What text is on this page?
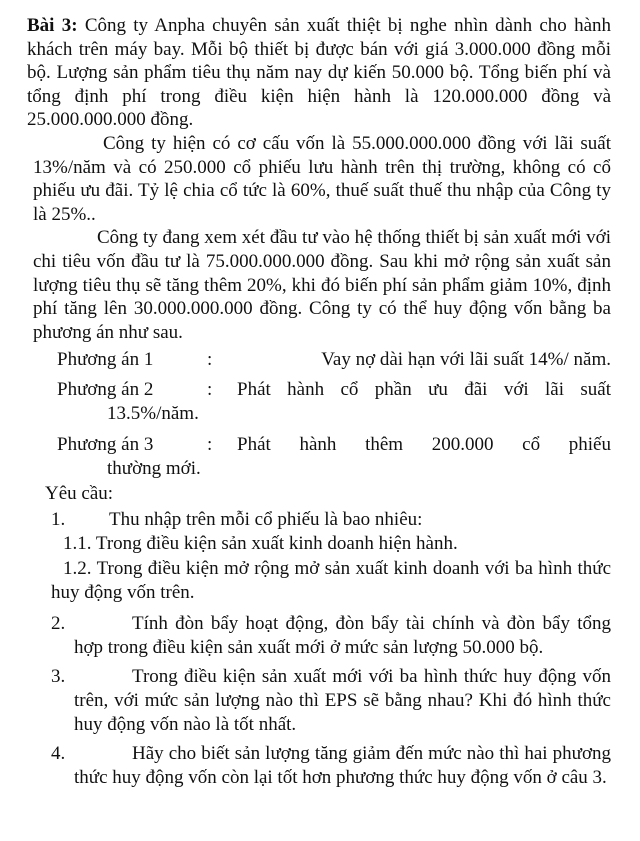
Bài 3: Công ty Anpha chuyên sản xuất thiệt bị nghe nhìn dành cho hành khách trên máy bay. Mỗi bộ thiết bị được bán với giá 3.000.000 đồng mỗi bộ. Lượng sản phẩm tiêu thụ năm nay dự kiến 50.000 bộ. Tổng biến phí và tổng định phí trong điều kiện hiện hành là 120.000.000 đồng và 25.000.000.000 đồng.

Công ty hiện có cơ cấu vốn là 55.000.000.000 đồng với lãi suất 13%/năm và có 250.000 cổ phiếu lưu hành trên thị trường, không có cổ phiếu ưu đãi. Tỷ lệ chia cổ tức là 60%, thuế suất thuế thu nhập của Công ty là 25%..

Công ty đang xem xét đầu tư vào hệ thống thiết bị sản xuất mới với chi tiêu vốn đầu tư là 75.000.000.000 đồng. Sau khi mở rộng sản xuất sản lượng tiêu thụ sẽ tăng thêm 20%, khi đó biến phí sản phẩm giảm 10%, định phí tăng lên 30.000.000.000 đồng. Công ty có thể huy động vốn bằng ba phương án như sau.

Phương án 1	:	Vay nợ dài hạn với lãi suất 14%/ năm.
Phương án 2	:	Phát hành cổ phần ưu đãi với lãi suất
13.5%/năm.
Phương án 3	:	Phát hành thêm 200.000 cổ phiếu
thường mới.

Yêu cầu:

1.	Thu nhập trên mỗi cổ phiếu là bao nhiêu:

1.1. Trong điều kiện sản xuất kinh doanh hiện hành.

1.2. Trong điều kiện mở rộng mở sản xuất kinh doanh với ba hình thức huy động vốn trên.

2.	Tính đòn bẩy hoạt động, đòn bẩy tài chính và đòn bẩy tổng hợp trong điều kiện sản xuất mới ở mức sản lượng 50.000 bộ.
3.	Trong điều kiện sản xuất mới với ba hình thức huy động vốn trên, với mức sản lượng nào thì EPS sẽ bằng nhau? Khi đó hình thức huy động vốn nào là tốt nhất.
4.	Hãy cho biết sản lượng tăng giảm đến mức nào thì hai phương thức huy động vốn còn lại tốt hơn phương thức huy động vốn ở câu 3.
